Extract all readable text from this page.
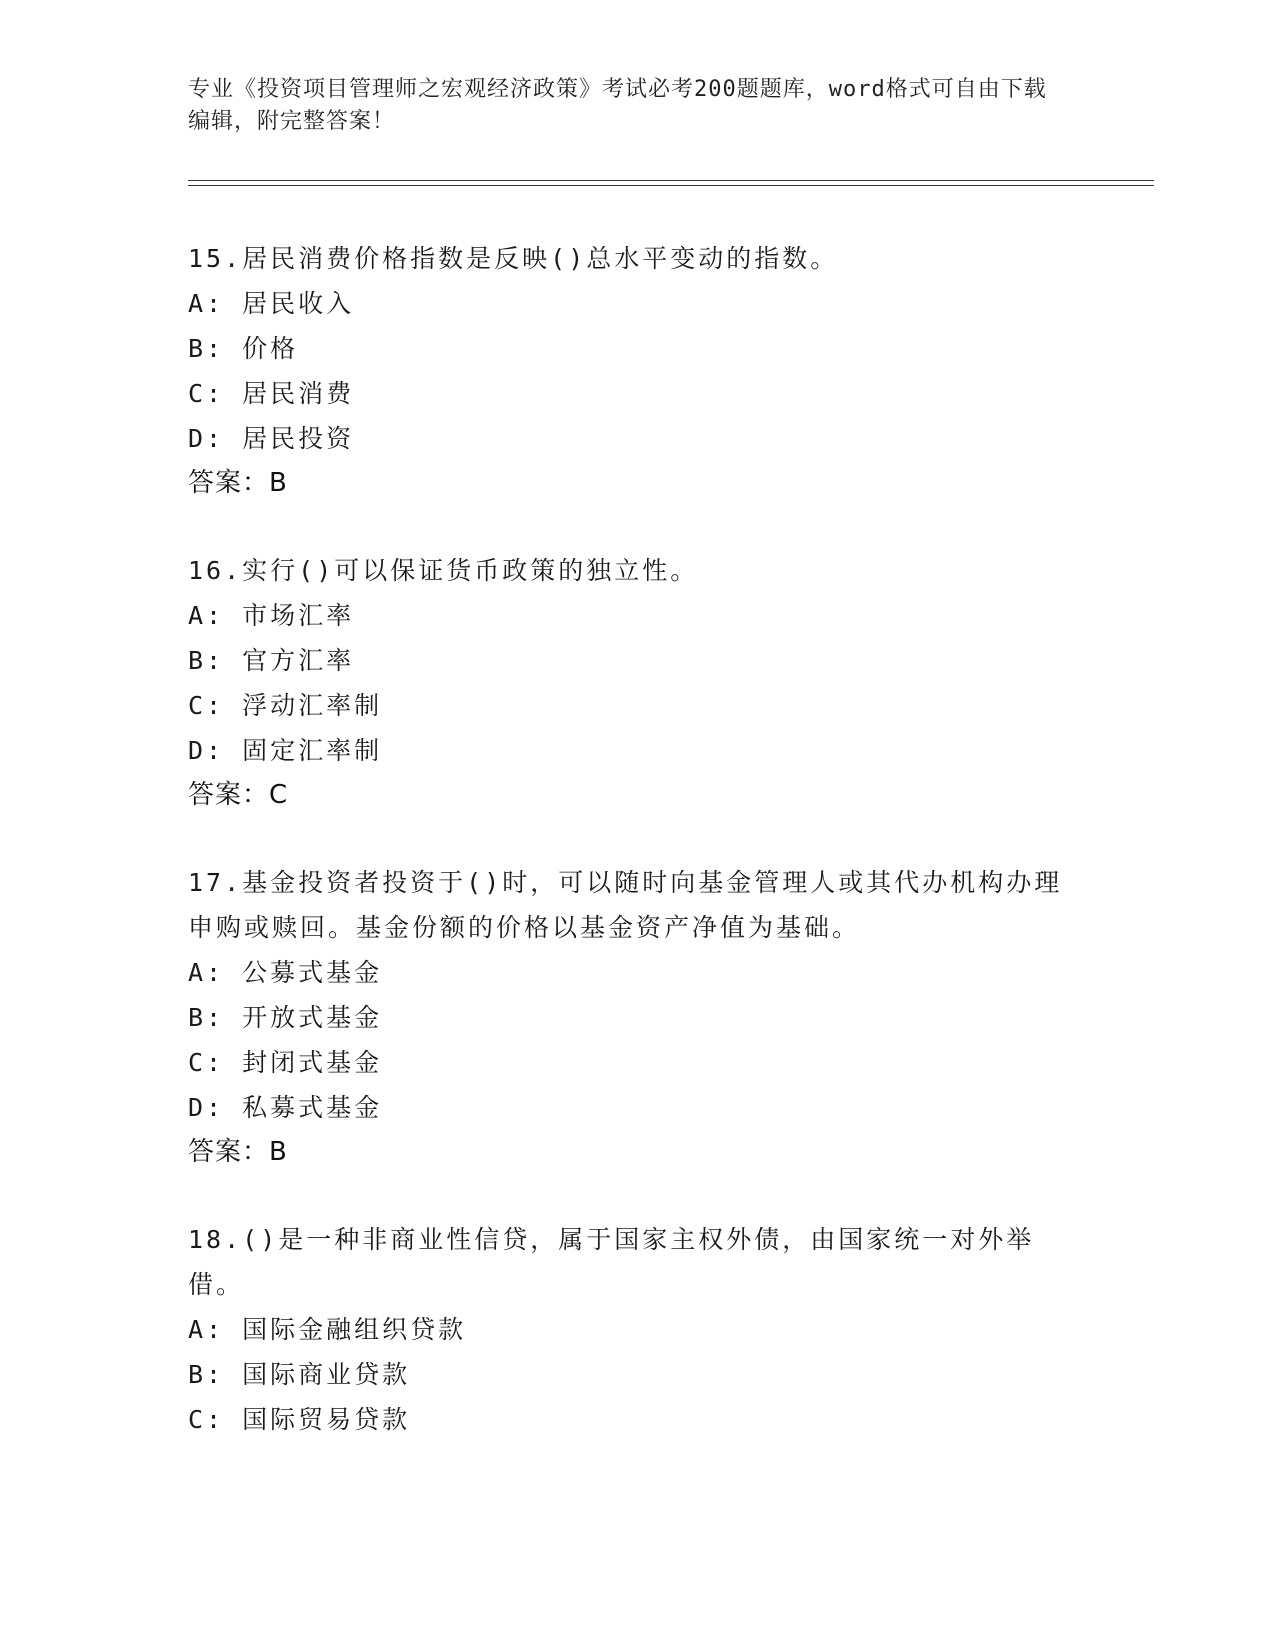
专业《投资项目管理师之宏观经济政策》考试必考200题题库，word格式可自由下载编辑，附完整答案！
15.居民消费价格指数是反映()总水平变动的指数。
A: 居民收入
B: 价格
C: 居民消费
D: 居民投资
答案：B
16.实行()可以保证货币政策的独立性。
A: 市场汇率
B: 官方汇率
C: 浮动汇率制
D: 固定汇率制
答案：C
17.基金投资者投资于()时，可以随时向基金管理人或其代办机构办理申购或赎回。基金份额的价格以基金资产净值为基础。
A: 公募式基金
B: 开放式基金
C: 封闭式基金
D: 私募式基金
答案：B
18.()是一种非商业性信贷，属于国家主权外债，由国家统一对外举借。
A: 国际金融组织贷款
B: 国际商业贷款
C: 国际贸易贷款
